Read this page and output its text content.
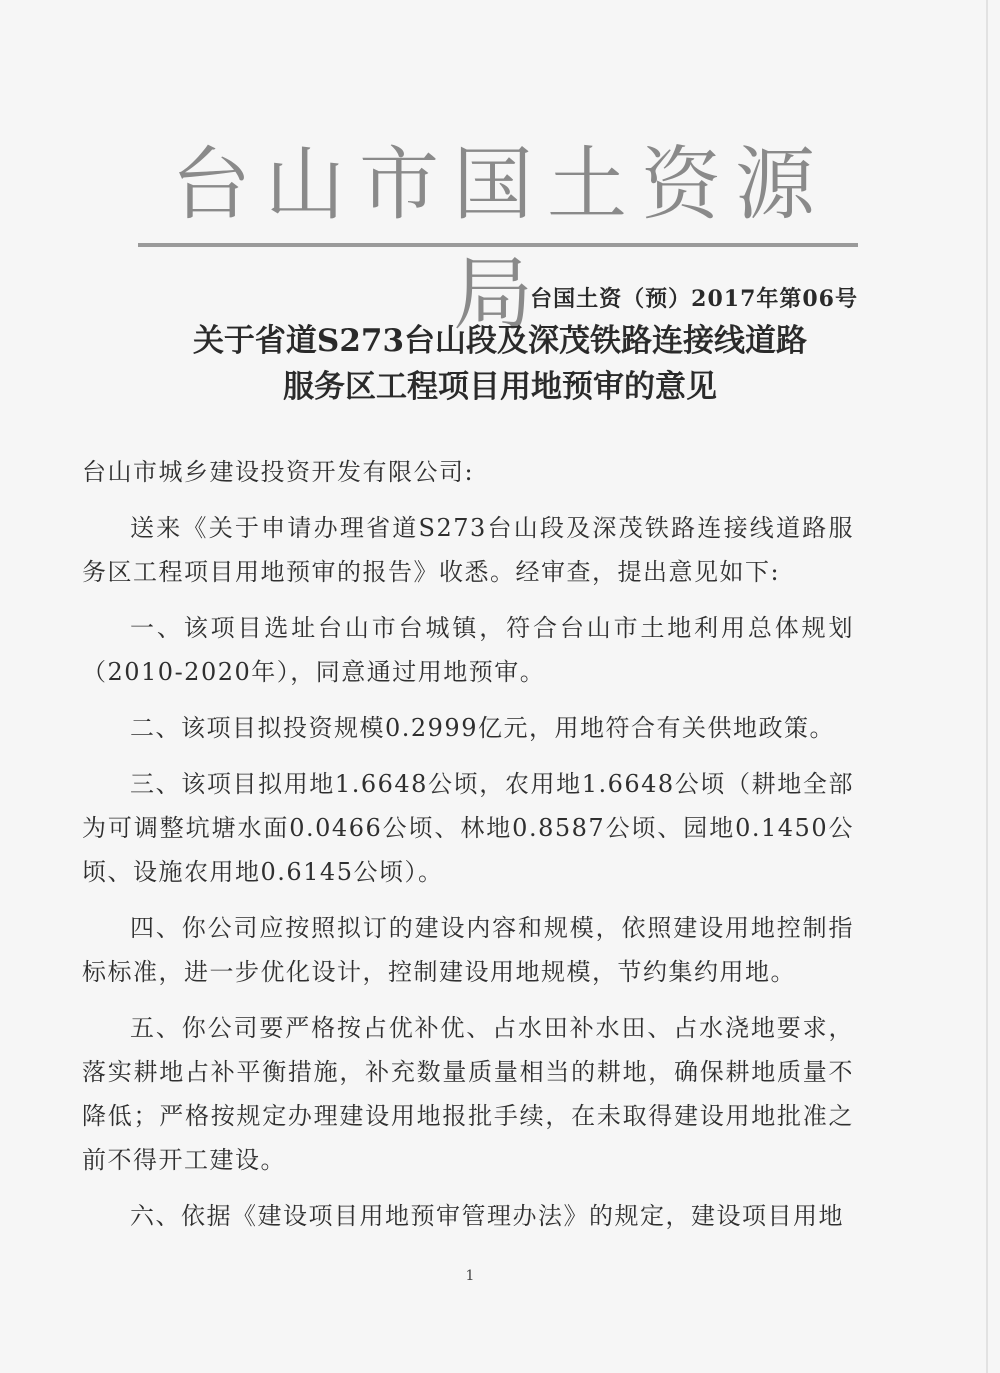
台山市国土资源局
台国土资（预）2017年第06号
关于省道S273台山段及深茂铁路连接线道路
服务区工程项目用地预审的意见

台山市城乡建设投资开发有限公司:

送来《关于申请办理省道S273台山段及深茂铁路连接线道路服务区工程项目用地预审的报告》收悉。经审查，提出意见如下:

一、该项目选址台山市台城镇，符合台山市土地利用总体规划（2010-2020年），同意通过用地预审。

二、该项目拟投资规模0.2999亿元，用地符合有关供地政策。

三、该项目拟用地1.6648公顷，农用地1.6648公顷（耕地全部为可调整坑塘水面0.0466公顷、林地0.8587公顷、园地0.1450公顷、设施农用地0.6145公顷）。

四、你公司应按照拟订的建设内容和规模，依照建设用地控制指标标准，进一步优化设计，控制建设用地规模，节约集约用地。

五、你公司要严格按占优补优、占水田补水田、占水浇地要求，落实耕地占补平衡措施，补充数量质量相当的耕地，确保耕地质量不降低；严格按规定办理建设用地报批手续，在未取得建设用地批准之前不得开工建设。

六、依据《建设项目用地预审管理办法》的规定，建设项目用地

1
